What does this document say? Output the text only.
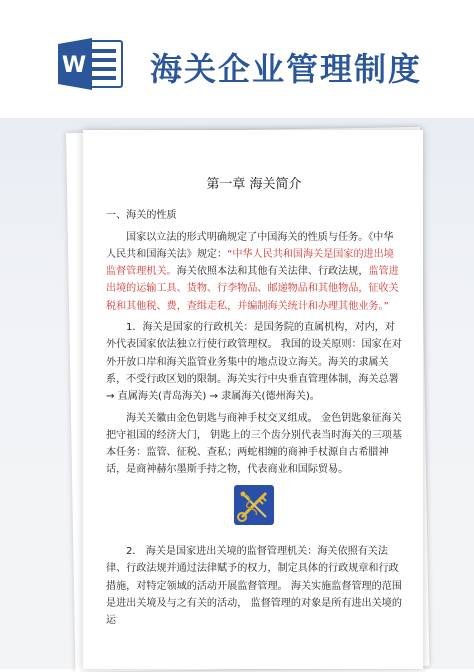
W 海关企业管理制度
第一章 海关简介
一、海关的性质
国家以立法的形式明确规定了中国海关的性质与任务。《中华人民共和国海关法》规定：“中华人民共和国海关是国家的进出境监督管理机关。海关依照本法和其他有关法律、行政法规，监管进出境的运输工具、货物、行李物品、邮递物品和其他物品，征收关税和其他税、费，查缉走私，并编制海关统计和办理其他业务。”
1．海关是国家的行政机关：是国务院的直属机构，对内，对外代表国家依法独立行使行政管理权。 我国的设关原则：国家在对外开放口岸和海关监管业务集中的地点设立海关。海关的隶属关系，不受行政区划的限制。海关实行中央垂直管理体制，海关总署 → 直属海关(青岛海关) → 隶属海关(德州海关)。
海关关徽由金色钥匙与商神手杖交叉组成。 金色钥匙象征海关把守祖国的经济大门， 钥匙上的三个齿分别代表当时海关的三项基本任务：监管、征税、查私；两蛇相缠的商神手杖源自古希腊神话，是商神赫尔墨斯手持之物，代表商业和国际贸易。
2． 海关是国家进出关境的监督管理机关：海关依照有关法律、行政法规并通过法律赋予的权力，制定具体的行政规章和行政措施，对特定领域的活动开展监督管理。 海关实施监督管理的范围是进出关境及与之有关的活动， 监督管理的对象是所有进出关境的运
